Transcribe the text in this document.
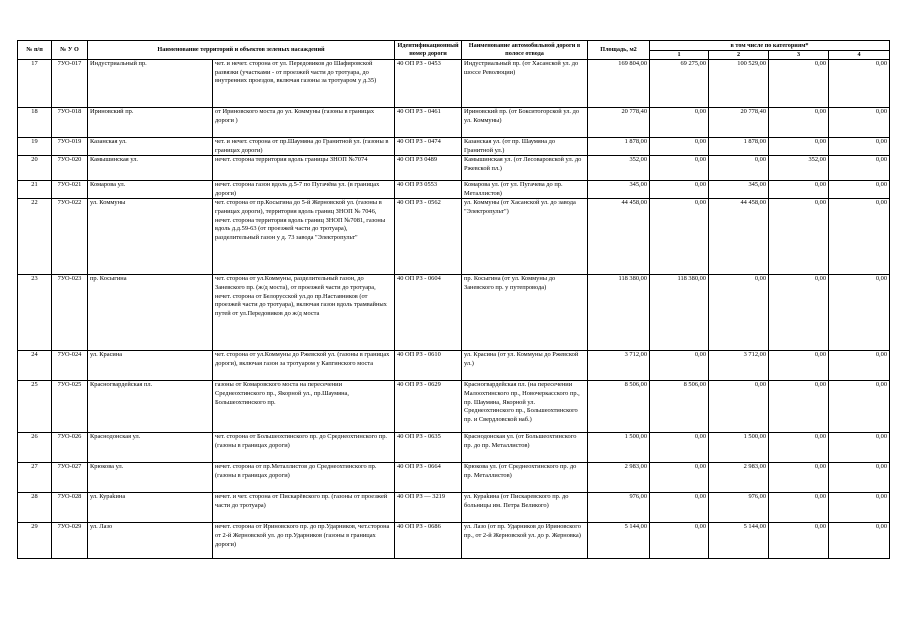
№ п/п	№ У О	Наименование территорий и объектов зеленых насаждений		Идентификационный номер дороги	Наименование автомобильной дороги в полосе отвода	Площадь, м2	в том числе по категориям*			
							1	2	3	4
17	7УО-017	Индустриальный пр.	чет. и нечет. сторона от ул. Передовиков до Шафировской развязки (участками - от проезжей части до тротуара, до внутренних проездов, включая газоны за тротуаром у д.35)	40 ОП РЗ - 0453	Индустриальный пр. (от Хасанской ул. до шоссе Революции)	169 804,00	69 275,00	100 529,00	0,00	0,00
18	7УО-018	Ириновский пр.	от Ириновского моста до ул. Коммуны (газоны в границах дороги )	40 ОП РЗ - 0461	Ириновский пр. (от Бокситогорской ул. до ул. Коммуны)	20 778,40	0,00	20 778,40	0,00	0,00
19	7УО-019	Казанская ул.	чет. и нечет. сторона от пр.Шаумяна до Гранитной ул. (газоны в границах дороги)	40 ОП РЗ - 0474	Казанская ул. (от пр. Шаумяна до Гранитной ул.)	1 878,00	0,00	1 878,00	0,00	0,00
20	7УО-020	Камышинская ул.	нечет. сторона территория вдоль границы ЗНОП №7074	40 ОП РЗ 0489	Камышинская ул. (от Лесоваровской ул. до Ржевской пл.)	352,00	0,00	0,00	352,00	0,00
21	7УО-021	Комарова ул.	нечет. сторона газон вдоль д.5-7 по Пугачёва ул. (в границах дороги)	40 ОП РЗ 0553	Комарова ул. (от ул. Пугачева до пр. Металлистов)	345,00	0,00	345,00	0,00	0,00
22	7УО-022	ул. Коммуны	чет. сторона от пр.Косыгина до 5-й Жерновской ул. (газоны в границах дороги), территория вдоль границ ЗНОП № 7046, нечет. сторона территория вдоль границ ЗНОП №7081, газоны вдоль д.д.59-63 (от проезжей части до тротуара), разделительный газон у д. 73 завода "Электропульт"	40 ОП РЗ - 0562	ул. Коммуны (от Хасанской ул. до завода "Электропульт")	44 458,00	0,00	44 458,00	0,00	0,00
23	7УО-023	пр. Косыгина	чет. сторона от ул.Коммуны, разделительный газон, до Заневского пр. (ж/д моста), от проезжей части до тротуара, нечет. сторона от Белорусской ул.до пр.Наставников (от проезжей части до тротуара), включая газон вдоль трамвайных путей от ул.Передовиков до ж/д моста	40 ОП РЗ - 0604	пр. Косыгина (от ул. Коммуны до Заневского пр. у путепровода)	118 380,00	118 380,00	0,00	0,00	0,00
24	7УО-024	ул. Красина	чет. сторона от ул.Коммуны до Ржевской ул. (газоны в границах дороги), включая газон за тротуаром у Капгинского моста	40 ОП РЗ - 0610	ул. Красина (от ул. Коммуны до Ржевской ул.)	3 712,00	0,00	3 712,00	0,00	0,00
25	7УО-025	Красногвардейская пл.	газоны от Комаровского моста на пересечении Среднеохтинского пр., Якорной ул., пр.Шаумяна, Большеохтинского пр.	40 ОП РЗ - 0629	Красногвардейская пл. (на пересечении Малоохтинского пр., Новочеркасского пр., пр. Шаумяна, Якорной ул. Среднеохтинского пр., Большеохтинского пр. и Свердловской наб.)	8 506,00	8 506,00	0,00	0,00	0,00
26	7УО-026	Краснодонская ул.	чет. сторона от Большеохтинского пр. до Среднеохтинского пр. (газоны в границах дороги)	40 ОП РЗ - 0635	Краснодонская ул. (от Большеохтинского пр. до пр. Металлистов)	1 500,00	0,00	1 500,00	0,00	0,00
27	7УО-027	Крюкова ул.	нечет. сторона от пр.Металлистов до Среднеохтинского пр. (газоны в границах дороги)	40 ОП РЗ - 0664	Крюкова ул. (от Среднеохтинского пр. до пр. Металлистов)	2 983,00	0,00	2 983,00	0,00	0,00
28	7УО-028	ул. Кураkина	нечет. и чет. сторона от Пискарёвского пр. (газоны от проезжей части до тротуара)	40 ОП РЗ — 3219	ул. Кураkина (от Пискаревского пр. до больницы им. Петра Великого)	976,00	0,00	976,00	0,00	0,00
29	7УО-029	ул. Лазо	нечет. сторона от Ириновского пр. до пр.Ударников, чет.сторона от 2-й Жерновской ул. до пр.Ударников (газоны в границах дороги)	40 ОП РЗ - 0686	ул. Лазо (от пр. Ударников до Ириновского пр., от 2-й Жерновской ул. до р. Жерновка)	5 144,00	0,00	5 144,00	0,00	0,00
